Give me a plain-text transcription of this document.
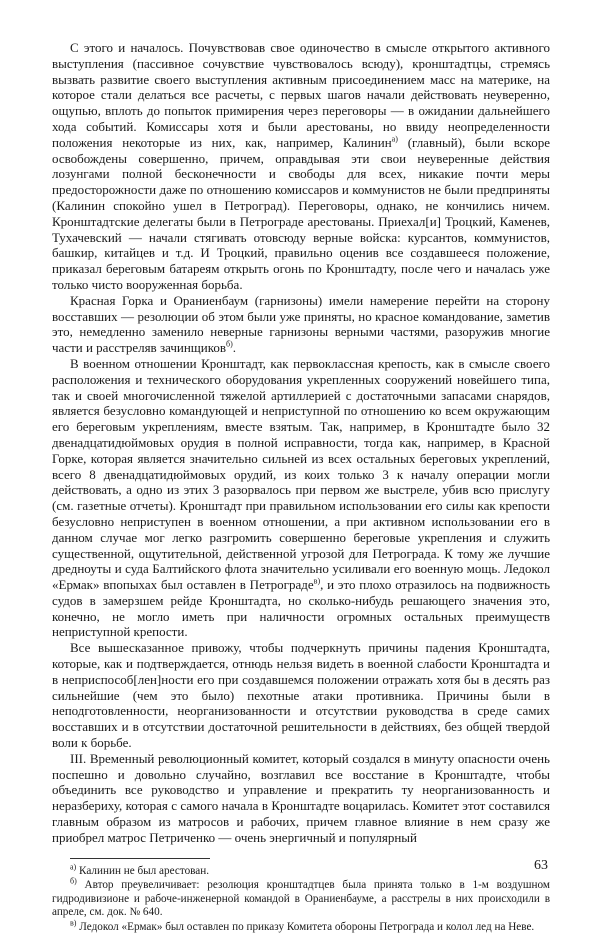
С этого и началось. Почувствовав свое одиночество в смысле открытого активного выступления (пассивное сочувствие чувствовалось всюду), кронштадтцы, стремясь вызвать развитие своего выступления активным присоединением масс на материке, на которое стали делаться все расчеты, с первых шагов начали действовать неуверенно, ощупью, вплоть до попыток примирения через переговоры — в ожидании дальнейшего хода событий. Комиссары хотя и были арестованы, но ввиду неопределенности положения некоторые из них, как, например, Калинин$^{а)}$ (главный), были вскоре освобождены совершенно, причем, оправдывая эти свои неуверенные действия лозунгами полной бесконечности и свободы для всех, никакие почти меры предосторожности даже по отношению комиссаров и коммунистов не были предприняты (Калинин спокойно ушел в Петроград). Переговоры, однако, не кончились ничем. Кронштадтские делегаты были в Петрограде арестованы. Приехал[и] Троцкий, Каменев, Тухачевский — начали стягивать отовсюду верные войска: курсантов, коммунистов, башкир, китайцев и т.д. И Троцкий, правильно оценив все создавшееся положение, приказал береговым батареям открыть огонь по Кронштадту, после чего и началась уже только чисто вооруженная борьба.

Красная Горка и Ораниенбаум (гарнизоны) имели намерение перейти на сторону восставших — резолюции об этом были уже приняты, но красное командование, заметив это, немедленно заменило неверные гарнизоны верными частями, разоружив многие части и расстреляв зачинщиков$^{б)}$.

В военном отношении Кронштадт, как первоклассная крепость, как в смысле своего расположения и технического оборудования укрепленных сооружений новейшего типа, так и своей многочисленной тяжелой артиллерией с достаточными запасами снарядов, является безусловно командующей и неприступной по отношению ко всем окружающим его береговым укреплениям, вместе взятым. Так, например, в Кронштадте было 32 двенадцатидюймовых орудия в полной исправности, тогда как, например, в Красной Горке, которая является значительно сильней из всех остальных береговых укреплений, всего 8 двенадцатидюймовых орудий, из коих только 3 к началу операции могли действовать, а одно из этих 3 разорвалось при первом же выстреле, убив всю прислугу (см. газетные отчеты). Кронштадт при правильном использовании его силы как крепости безусловно неприступен в военном отношении, а при активном использовании его в данном случае мог легко разгромить совершенно береговые укрепления и служить существенной, ощутительной, действенной угрозой для Петрограда. К тому же лучшие дредноуты и суда Балтийского флота значительно усиливали его военную мощь. Ледокол «Ермак» впопыхах был оставлен в Петрограде$^{в)}$, и это плохо отразилось на подвижность судов в замерзшем рейде Кронштадта, но сколько-нибудь решающего значения это, конечно, не могло иметь при наличности огромных остальных преимуществ неприступной крепости.

Все вышесказанное привожу, чтобы подчеркнуть причины падения Кронштадта, которые, как и подтверждается, отнюдь нельзя видеть в военной слабости Кронштадта и в неприспособ[лен]ности его при создавшемся положении отражать хотя бы в десять раз сильнейшие (чем это было) пехотные атаки противника. Причины были в неподготовленности, неорганизованности и отсутствии руководства в среде самих восставших и в отсутствии достаточной решительности в действиях, без общей твердой воли к борьбе.

III. Временный революционный комитет, который создался в минуту опасности очень поспешно и довольно случайно, возглавил все восстание в Кронштадте, чтобы объединить все руководство и управление и прекратить ту неорганизованность и неразбериху, которая с самого начала в Кронштадте воцарилась. Комитет этот составился главным образом из матросов и рабочих, причем главное влияние в нем сразу же приобрел матрос Петриченко — очень энергичный и популярный

$^{а)}$ Калинин не был арестован.

$^{б)}$ Автор преувеличивает: резолюция кронштадтцев была принята только в 1-м воздушном гидродивизионе и рабоче-инженерной командой в Ораниенбауме, а расстрелы в них происходили в апреле, см. док. № 640.

$^{в)}$ Ледокол «Ермак» был оставлен по приказу Комитета обороны Петрограда и колол лед на Неве.

63
